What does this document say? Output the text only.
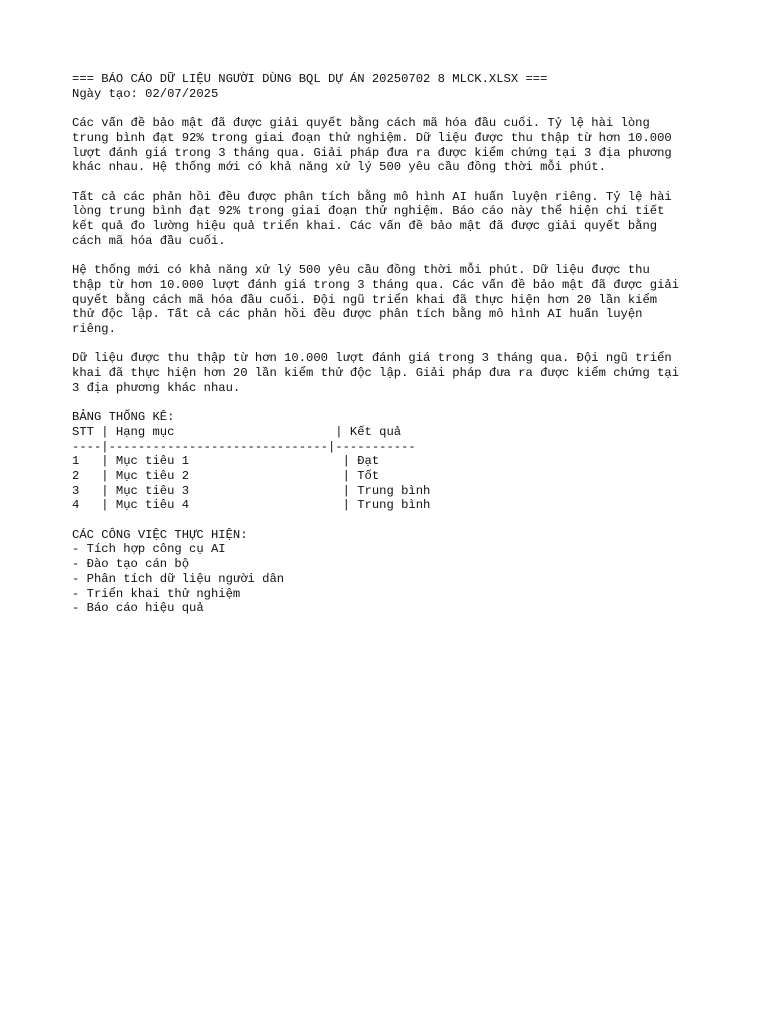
=== BÁO CÁO DỮ LIỆU NGƯỜI DÙNG BQL DỰ ÁN 20250702 8 MLCK.XLSX ===
Ngày tạo: 02/07/2025
Các vấn đề bảo mật đã được giải quyết bằng cách mã hóa đầu cuối. Tỷ lệ hài lòng
trung bình đạt 92% trong giai đoạn thử nghiệm. Dữ liệu được thu thập từ hơn 10.000
lượt đánh giá trong 3 tháng qua. Giải pháp đưa ra được kiểm chứng tại 3 địa phương
khác nhau. Hệ thống mới có khả năng xử lý 500 yêu cầu đồng thời mỗi phút.
Tất cả các phản hồi đều được phân tích bằng mô hình AI huấn luyện riêng. Tỷ lệ hài
lòng trung bình đạt 92% trong giai đoạn thử nghiệm. Báo cáo này thể hiện chi tiết
kết quả đo lường hiệu quả triển khai. Các vấn đề bảo mật đã được giải quyết bằng
cách mã hóa đầu cuối.
Hệ thống mới có khả năng xử lý 500 yêu cầu đồng thời mỗi phút. Dữ liệu được thu
thập từ hơn 10.000 lượt đánh giá trong 3 tháng qua. Các vấn đề bảo mật đã được giải
quyết bằng cách mã hóa đầu cuối. Đội ngũ triển khai đã thực hiện hơn 20 lần kiểm
thử độc lập. Tất cả các phản hồi đều được phân tích bằng mô hình AI huấn luyện
riêng.
Dữ liệu được thu thập từ hơn 10.000 lượt đánh giá trong 3 tháng qua. Đội ngũ triển
khai đã thực hiện hơn 20 lần kiểm thử độc lập. Giải pháp đưa ra được kiểm chứng tại
3 địa phương khác nhau.
BẢNG THỐNG KÊ:
STT | Hạng mục                      | Kết quả
----|------------------------------|-----------
1   | Mục tiêu 1                     | Đạt
2   | Mục tiêu 2                     | Tốt
3   | Mục tiêu 3                     | Trung bình
4   | Mục tiêu 4                     | Trung bình
CÁC CÔNG VIỆC THỰC HIỆN:
- Tích hợp công cụ AI
- Đào tạo cán bộ
- Phân tích dữ liệu người dân
- Triển khai thử nghiệm
- Báo cáo hiệu quả
